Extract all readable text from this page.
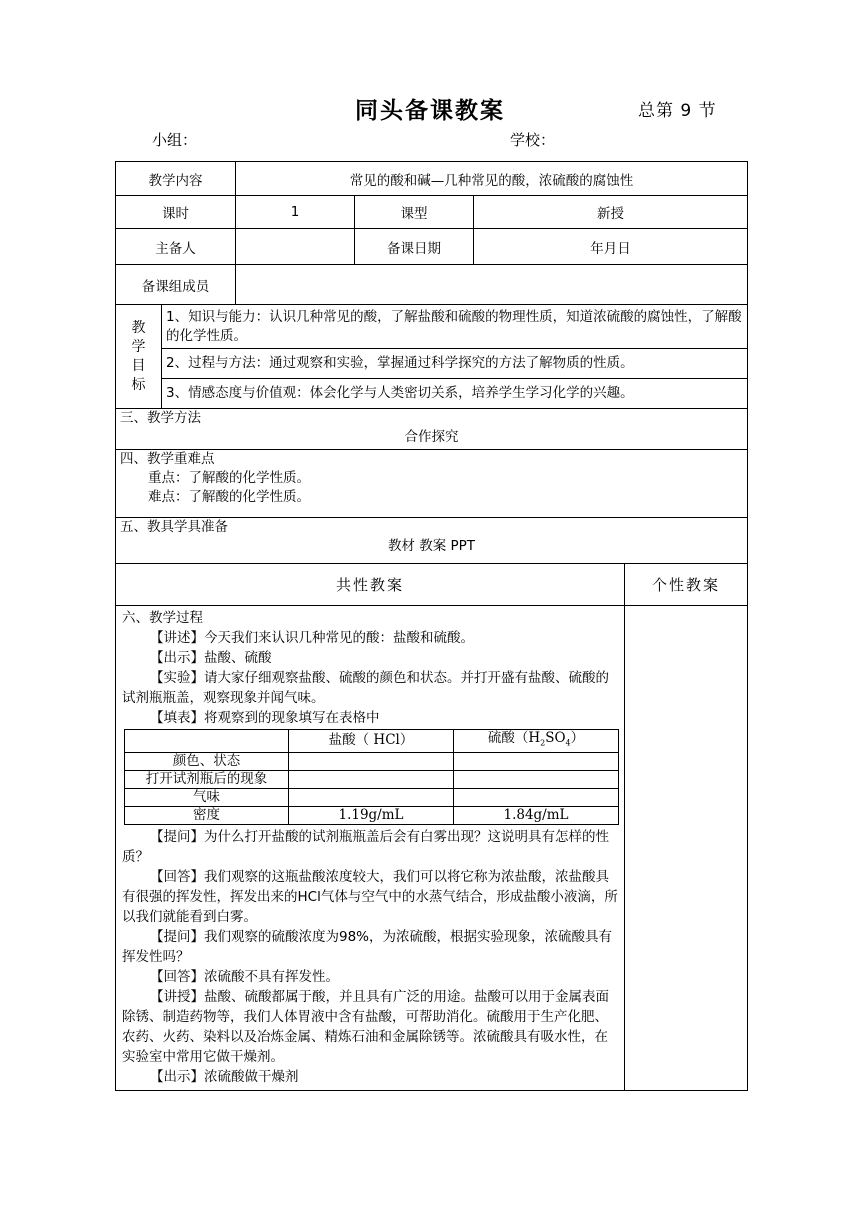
同头备课教案	总第 9 节
小组：	学校：
教学内容	常见的酸和碱—几种常见的酸，浓硫酸的腐蚀性
课时	1	课型	新授
主备人		备课日期	年月日
备课组成员	

教
学
目
标
	1、知识与能力：认识几种常见的酸，了解盐酸和硫酸的物理性质，知道浓硫酸的腐蚀性，了解酸的化学性质。
2、过程与方法：通过观察和实验，掌握通过科学探究的方法了解物质的性质。
3、情感态度与价值观：体会化学与人类密切关系，培养学生学习化学的兴趣。

三、教学方法
合作探究

四、教学重难点
重点：了解酸的化学性质。
难点：了解酸的化学性质。

五、教具学具准备
教材 教案 PPT

共性教案	个性教案

六、教学过程

【讲述】今天我们来认识几种常见的酸：盐酸和硫酸。

【出示】盐酸、硫酸

【实验】请大家仔细观察盐酸、硫酸的颜色和状态。并打开盛有盐酸、硫酸的试剂瓶瓶盖，观察现象并闻气味。

【填表】将观察到的现象填写在表格中

	盐酸（ HCl）	硫酸$(H_2SO_4)$
颜色、状态		
打开试剂瓶后的现象		
气味		
密度	1.19g/mL	1.84g/mL

【提问】为什么打开盐酸的试剂瓶瓶盖后会有白雾出现？这说明具有怎样的性质？

【回答】我们观察的这瓶盐酸浓度较大，我们可以将它称为浓盐酸，浓盐酸具有很强的挥发性，挥发出来的HCl气体与空气中的水蒸气结合，形成盐酸小液滴，所以我们就能看到白雾。

【提问】我们观察的硫酸浓度为98%，为浓硫酸，根据实验现象，浓硫酸具有挥发性吗？

【回答】浓硫酸不具有挥发性。

【讲授】盐酸、硫酸都属于酸，并且具有广泛的用途。盐酸可以用于金属表面除锈、制造药物等，我们人体胃液中含有盐酸，可帮助消化。硫酸用于生产化肥、农药、火药、染料以及冶炼金属、精炼石油和金属除锈等。浓硫酸具有吸水性，在实验室中常用它做干燥剂。

【出示】浓硫酸做干燥剂
